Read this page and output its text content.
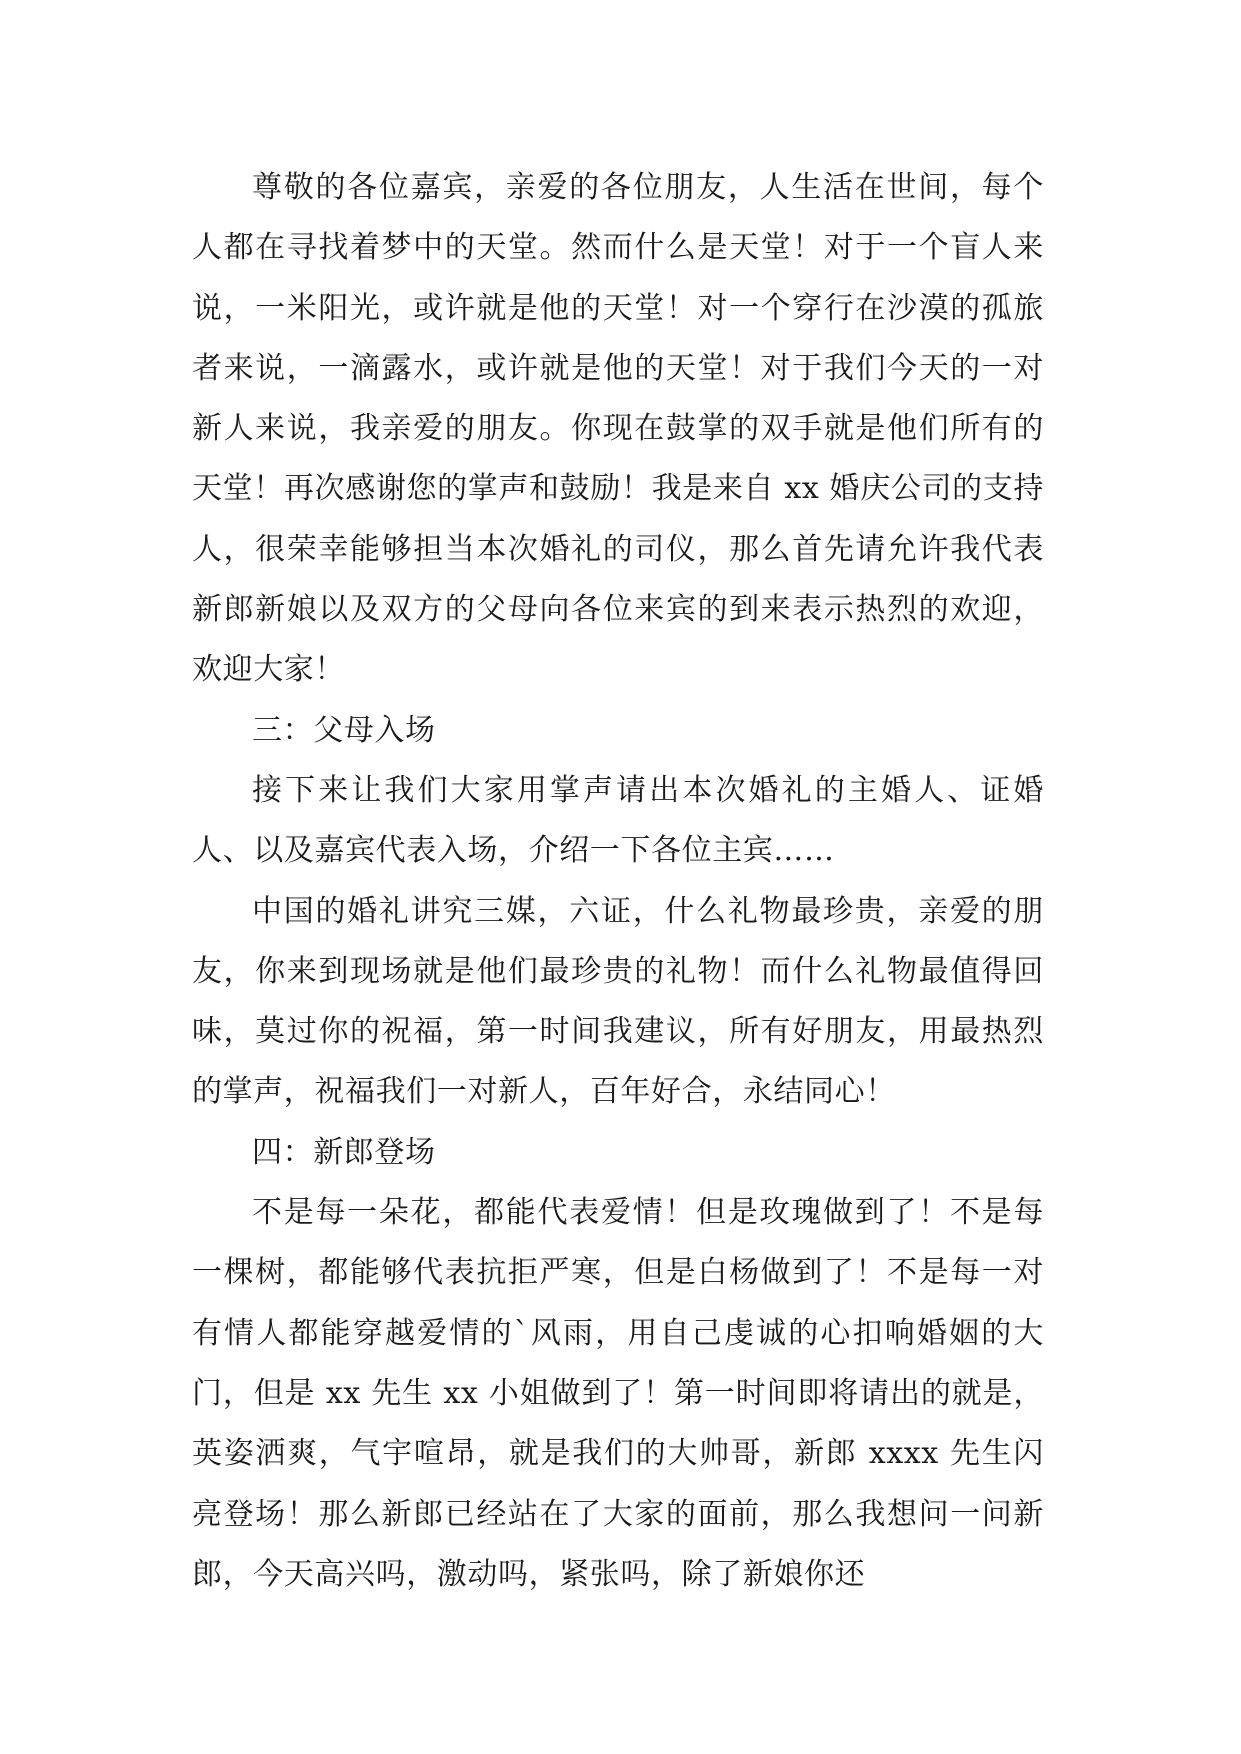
尊敬的各位嘉宾，亲爱的各位朋友，人生活在世间，每个人都在寻找着梦中的天堂。然而什么是天堂！对于一个盲人来说，一米阳光，或许就是他的天堂！对一个穿行在沙漠的孤旅者来说，一滴露水，或许就是他的天堂！对于我们今天的一对新人来说，我亲爱的朋友。你现在鼓掌的双手就是他们所有的天堂！再次感谢您的掌声和鼓励！我是来自 xx 婚庆公司的支持人，很荣幸能够担当本次婚礼的司仪，那么首先请允许我代表新郎新娘以及双方的父母向各位来宾的到来表示热烈的欢迎，欢迎大家！

三：父母入场

接下来让我们大家用掌声请出本次婚礼的主婚人、证婚人、以及嘉宾代表入场，介绍一下各位主宾……

中国的婚礼讲究三媒，六证，什么礼物最珍贵，亲爱的朋友，你来到现场就是他们最珍贵的礼物！而什么礼物最值得回味，莫过你的祝福，第一时间我建议，所有好朋友，用最热烈的掌声，祝福我们一对新人，百年好合，永结同心！

四：新郎登场

不是每一朵花，都能代表爱情！但是玫瑰做到了！不是每一棵树，都能够代表抗拒严寒，但是白杨做到了！不是每一对有情人都能穿越爱情的`风雨，用自己虔诚的心扣响婚姻的大门，但是 xx 先生 xx 小姐做到了！第一时间即将请出的就是，英姿洒爽，气宇喧昂，就是我们的大帅哥，新郎 xxxx 先生闪亮登场！那么新郎已经站在了大家的面前，那么我想问一问新郎，今天高兴吗，激动吗，紧张吗，除了新娘你还
